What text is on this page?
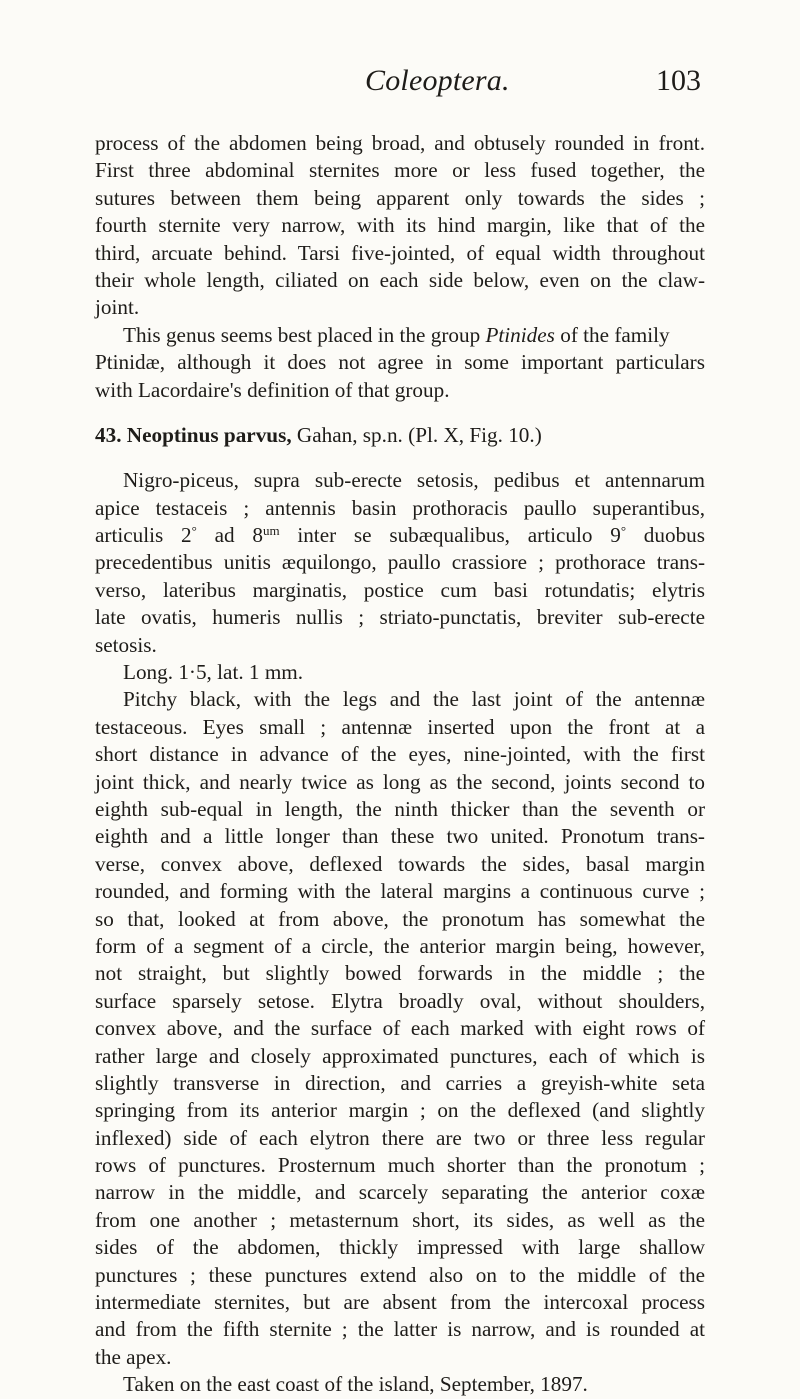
Coleoptera.	103
process of the abdomen being broad, and obtusely rounded in front.
First three abdominal sternites more or less fused together, the
sutures between them being apparent only towards the sides ;
fourth sternite very narrow, with its hind margin, like that of the
third, arcuate behind. Tarsi five-jointed, of equal width throughout
their whole length, ciliated on each side below, even on the claw-
joint.
This genus seems best placed in the group Ptinides of the family
Ptinidæ, although it does not agree in some important particulars
with Lacordaire's definition of that group.
43. Neoptinus parvus, Gahan, sp.n. (Pl. X, Fig. 10.)
Nigro-piceus, supra sub-erecte setosis, pedibus et antennarum
apice testaceis ; antennis basin prothoracis paullo superantibus,
articulis 2° ad $8^{um}$ inter se subæqualibus, articulo 9° duobus
precedentibus unitis æquilongo, paullo crassiore ; prothorace trans-
verso, lateribus marginatis, postice cum basi rotundatis; elytris
late ovatis, humeris nullis ; striato-punctatis, breviter sub-erecte
setosis.
Long. 1·5, lat. 1 mm.
Pitchy black, with the legs and the last joint of the antennæ
testaceous. Eyes small ; antennæ inserted upon the front at a
short distance in advance of the eyes, nine-jointed, with the first
joint thick, and nearly twice as long as the second, joints second to
eighth sub-equal in length, the ninth thicker than the seventh or
eighth and a little longer than these two united. Pronotum trans-
verse, convex above, deflexed towards the sides, basal margin
rounded, and forming with the lateral margins a continuous curve ;
so that, looked at from above, the pronotum has somewhat the
form of a segment of a circle, the anterior margin being, however,
not straight, but slightly bowed forwards in the middle ; the
surface sparsely setose. Elytra broadly oval, without shoulders,
convex above, and the surface of each marked with eight rows of
rather large and closely approximated punctures, each of which is
slightly transverse in direction, and carries a greyish-white seta
springing from its anterior margin ; on the deflexed (and slightly
inflexed) side of each elytron there are two or three less regular
rows of punctures. Prosternum much shorter than the pronotum ;
narrow in the middle, and scarcely separating the anterior coxæ
from one another ; metasternum short, its sides, as well as the
sides of the abdomen, thickly impressed with large shallow
punctures ; these punctures extend also on to the middle of the
intermediate sternites, but are absent from the intercoxal process
and from the fifth sternite ; the latter is narrow, and is rounded at
the apex.
Taken on the east coast of the island, September, 1897.
